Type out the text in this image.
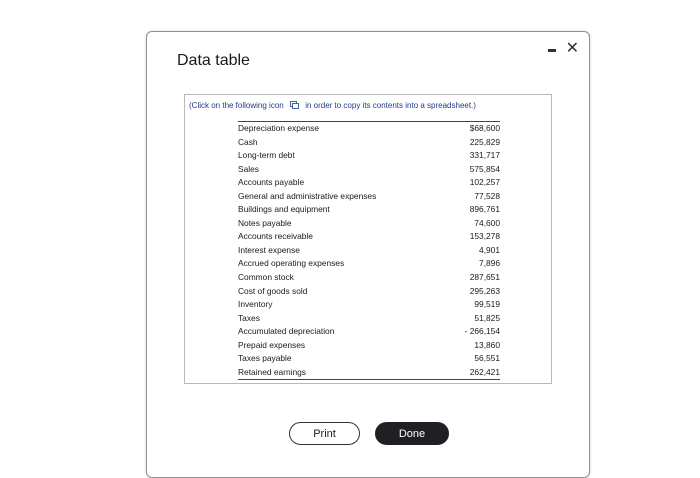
Data table
✕
(Click on the following icon	in order to copy its contents into a spreadsheet.)
Depreciation expense	$68,600
Cash	225,829
Long-term debt	331,717
Sales	575,854
Accounts payable	102,257
General and administrative expenses	77,528
Buildings and equipment	896,761
Notes payable	74,600
Accounts receivable	153,278
Interest expense	4,901
Accrued operating expenses	7,896
Common stock	287,651
Cost of goods sold	295,263
Inventory	99,519
Taxes	51,825
Accumulated depreciation	- 266,154
Prepaid expenses	13,860
Taxes payable	56,551
Retained earnings	262,421
Print	Done
